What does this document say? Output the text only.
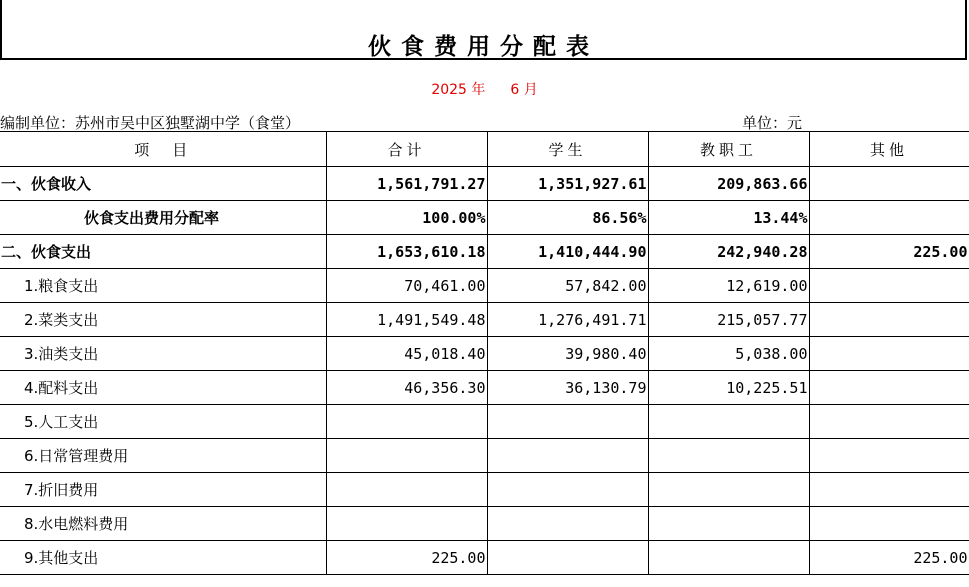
伙食费用分配表
2025 年 6 月
编制单位：苏州市吴中区独墅湖中学（食堂）	单位：元
项　目	合计	学生	教职工	其他
一、伙食收入	1,561,791.27	1,351,927.61	209,863.66	
伙食支出费用分配率	100.00%	86.56%	13.44%	
二、伙食支出	1,653,610.18	1,410,444.90	242,940.28	225.00
1.粮食支出	70,461.00	57,842.00	12,619.00	
2.菜类支出	1,491,549.48	1,276,491.71	215,057.77	
3.油类支出	45,018.40	39,980.40	5,038.00	
4.配料支出	46,356.30	36,130.79	10,225.51	
5.人工支出				
6.日常管理费用				
7.折旧费用				
8.水电燃料费用				
9.其他支出	225.00			225.00
